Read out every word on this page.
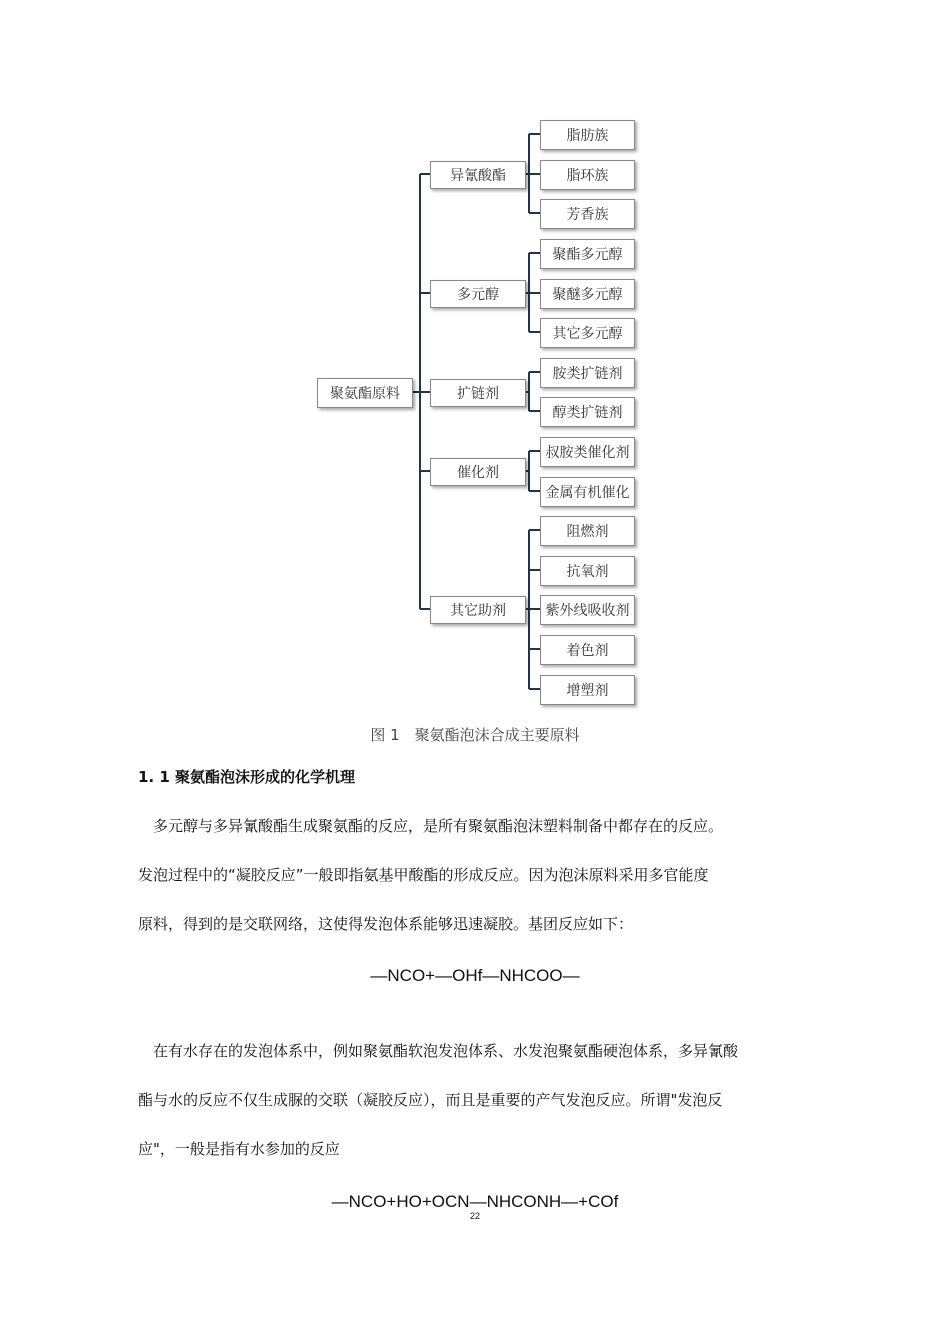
聚氨酯原料
异氰酸酯
多元醇
扩链剂
催化剂
其它助剂
脂肪族
脂环族
芳香族
聚酯多元醇
聚醚多元醇
其它多元醇
胺类扩链剂
醇类扩链剂
叔胺类催化剂
金属有机催化
阻燃剂
抗氧剂
紫外线吸收剂
着色剂
增塑剂
图 1　聚氨酯泡沫合成主要原料
1. 1 聚氨酯泡沫形成的化学机理
　多元醇与多异氰酸酯生成聚氨酯的反应，是所有聚氨酯泡沫塑料制备中都存在的反应。
发泡过程中的“凝胶反应”一般即指氨基甲酸酯的形成反应。因为泡沫原料采用多官能度
原料，得到的是交联网络，这使得发泡体系能够迅速凝胶。基团反应如下：
—NCO+—OHf—NHCOO—
　在有水存在的发泡体系中，例如聚氨酯软泡发泡体系、水发泡聚氨酯硬泡体系，多异氰酸
酯与水的反应不仅生成脲的交联（凝胶反应），而且是重要的产气发泡反应。所谓"发泡反
应"，一般是指有水参加的反应
—NCO+HO+OCN—NHCONH—+COf
22
